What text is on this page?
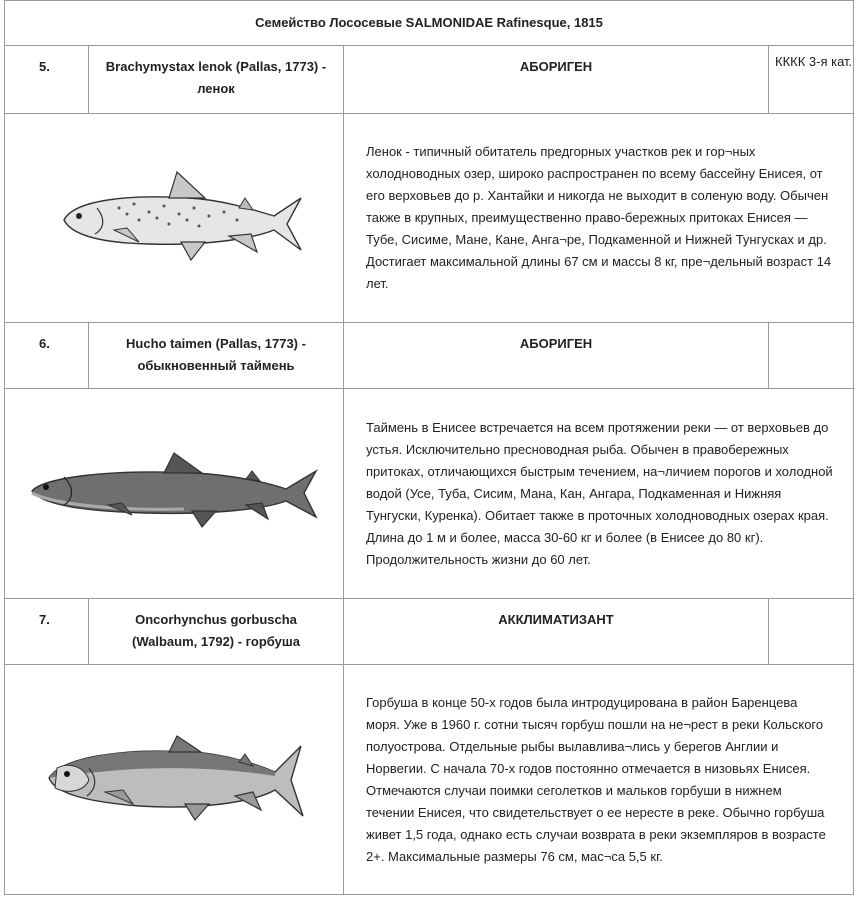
Семейство Лососевые SALMONIDAE Rafinesque, 1815			
5.	Brachymystax lenok (Pallas, 1773) - ленок	АБОРИГЕН	КККК 3-я кат.

Ленок - типичный обитатель предгорных участков рек и гор¬ных холодноводных озер, широко распространен по всему бассейну Енисея, от его верховьев до р. Хантайки и никогда не выходит в соленую воду. Обычен также в крупных, преимущественно право-бережных притоках Енисея — Тубе, Сисиме, Мане, Кане, Анга¬ре, Подкаменной и Нижней Тунгусках и др. Достигает максимальной длины 67 см и массы 8 кг, пре¬дельный возраст 14 лет.	

6.	Hucho taimen (Pallas, 1773) - обыкновенный таймень	АБОРИГЕН	

Таймень в Енисее встречается на всем протяжении реки — от верховьев до устья. Исключительно пресноводная рыба. Обычен в правобережных притоках, отличающихся быстрым течением, на¬личием порогов и холодной водой (Усе, Туба, Сисим, Мана, Кан, Ангара, Подкаменная и Нижняя Тунгуски, Куренка). Обитает также в проточных холодноводных озерах края. Длина до 1 м и более, масса 30-60 кг и более (в Енисее до 80 кг). Продолжительность жизни до 60 лет.	

7.	Oncorhynchus gorbuscha (Walbaum, 1792) - горбуша	АККЛИМАТИЗАНТ	

Горбуша в конце 50-х годов была интродуцирована в район Баренцева моря. Уже в 1960 г. сотни тысяч горбуш пошли на не¬рест в реки Кольского полуострова. Отдельные рыбы вылавлива¬лись у берегов Англии и Норвегии. С начала 70-х годов постоянно отмечается в низовьях Енисея. Отмечаются случаи поимки сеголетков и мальков горбуши в нижнем течении Енисея, что свидетельствует о ее нересте в реке. Обычно горбуша живет 1,5 года, однако есть случаи возврата в реки экземпляров в возрасте 2+. Максимальные размеры 76 см, мас¬са 5,5 кг.	
